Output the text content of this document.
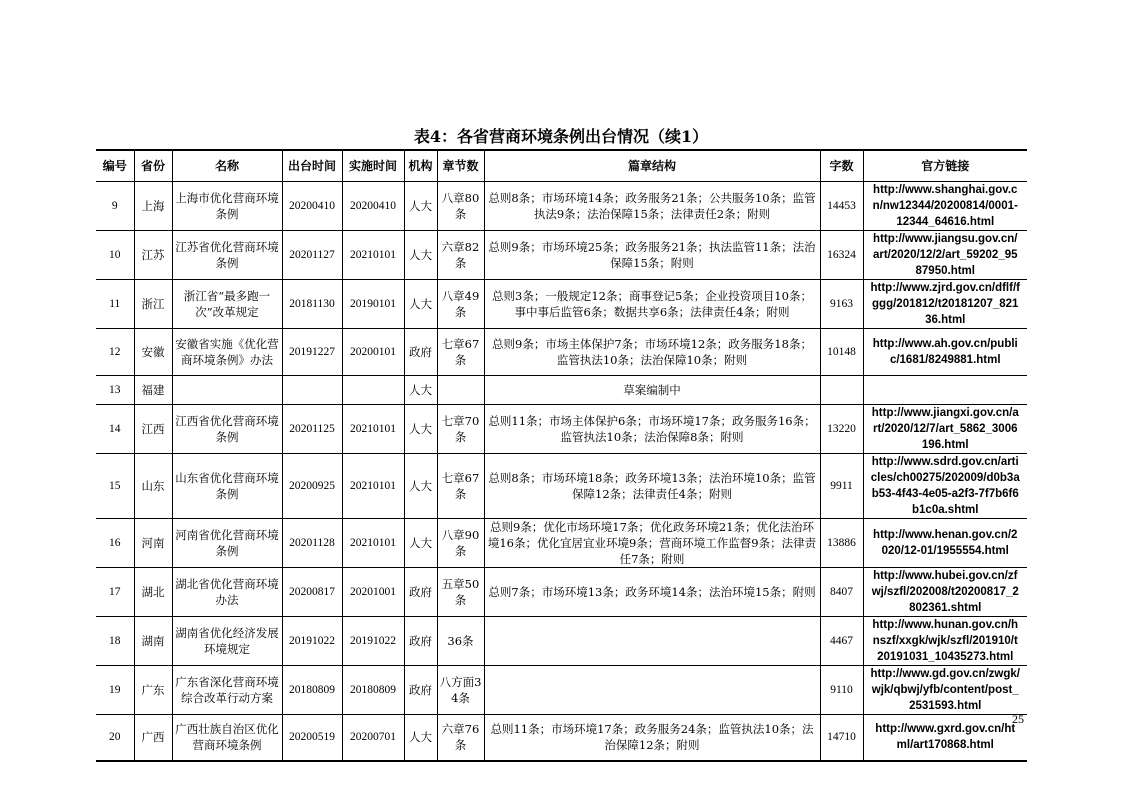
表4：各省营商环境条例出台情况（续1）
编号	省份	名称	出台时间	实施时间	机构	章节数	篇章结构	字数	官方链接
9	上海	上海市优化营商环境条例	20200410	20200410	人大	八章80条	总则8条；市场环境14条；政务服务21条；公共服务10条；监管执法9条；法治保障15条；法律责任2条；附则	14453	http://www.shanghai.gov.cn/nw12344/20200814/0001-12344_64616.html
10	江苏	江苏省优化营商环境条例	20201127	20210101	人大	六章82条	总则9条；市场环境25条；政务服务21条；执法监管11条；法治保障15条；附则	16324	http://www.jiangsu.gov.cn/art/2020/12/2/art_59202_9587950.html
11	浙江	浙江省“最多跑一次”改革规定	20181130	20190101	人大	八章49条	总则3条；一般规定12条；商事登记5条；企业投资项目10条；事中事后监管6条；数据共享6条；法律责任4条；附则	9163	http://www.zjrd.gov.cn/dflf/fggg/201812/t20181207_82136.html
12	安徽	安徽省实施《优化营商环境条例》办法	20191227	20200101	政府	七章67条	总则9条；市场主体保护7条；市场环境12条；政务服务18条；监管执法10条；法治保障10条；附则	10148	http://www.ah.gov.cn/public/1681/8249881.html
13	福建				人大		草案编制中		
14	江西	江西省优化营商环境条例	20201125	20210101	人大	七章70条	总则11条；市场主体保护6条；市场环境17条；政务服务16条；监管执法10条；法治保障8条；附则	13220	http://www.jiangxi.gov.cn/art/2020/12/7/art_5862_3006196.html
15	山东	山东省优化营商环境条例	20200925	20210101	人大	七章67条	总则8条；市场环境18条；政务环境13条；法治环境10条；监管保障12条；法律责任4条；附则	9911	http://www.sdrd.gov.cn/articles/ch00275/202009/d0b3ab53-4f43-4e05-a2f3-7f7b6f6b1c0a.shtml
16	河南	河南省优化营商环境条例	20201128	20210101	人大	八章90条	总则9条；优化市场环境17条；优化政务环境21条；优化法治环境16条；优化宜居宜业环境9条；营商环境工作监督9条；法律责任7条；附则	13886	http://www.henan.gov.cn/2020/12-01/1955554.html
17	湖北	湖北省优化营商环境办法	20200817	20201001	政府	五章50条	总则7条；市场环境13条；政务环境14条；法治环境15条；附则	8407	http://www.hubei.gov.cn/zfwj/szfl/202008/t20200817_2802361.shtml
18	湖南	湖南省优化经济发展环境规定	20191022	20191022	政府	36条		4467	http://www.hunan.gov.cn/hnszf/xxgk/wjk/szfl/201910/t20191031_10435273.html
19	广东	广东省深化营商环境综合改革行动方案	20180809	20180809	政府	八方面34条		9110	http://www.gd.gov.cn/zwgk/wjk/qbwj/yfb/content/post_2531593.html
20	广西	广西壮族自治区优化营商环境条例	20200519	20200701	人大	六章76条	总则11条；市场环境17条；政务服务24条；监管执法10条；法治保障12条；附则	14710	http://www.gxrd.gov.cn/html/art170868.html
25
